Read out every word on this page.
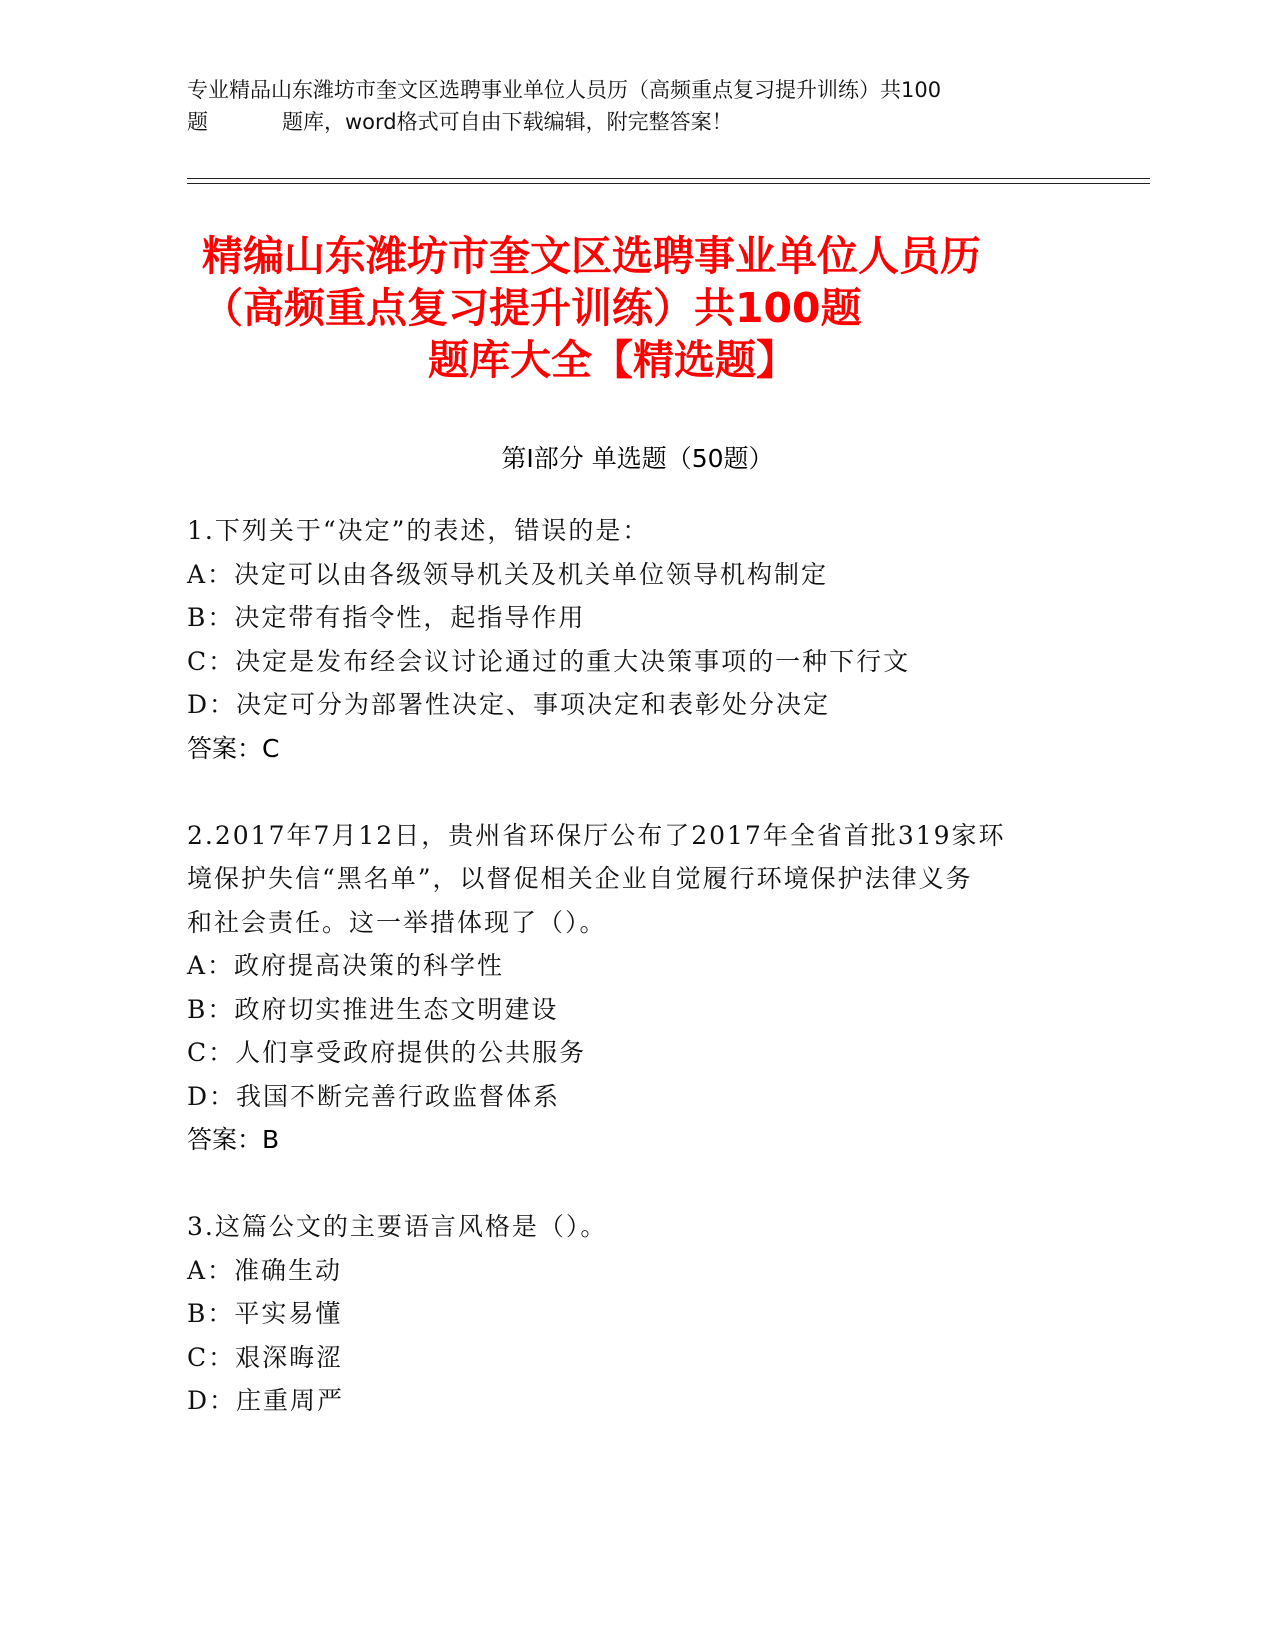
专业精品山东潍坊市奎文区选聘事业单位人员历（高频重点复习提升训练）共100
题	题库，word格式可自由下载编辑，附完整答案！
精编山东潍坊市奎文区选聘事业单位人员历
（高频重点复习提升训练）共100题
题库大全【精选题】
第Ⅰ部分 单选题（50题）
1.下列关于“决定”的表述，错误的是：
A：决定可以由各级领导机关及机关单位领导机构制定
B：决定带有指令性，起指导作用
C：决定是发布经会议讨论通过的重大决策事项的一种下行文
D：决定可分为部署性决定、事项决定和表彰处分决定
答案：C
2.2017年7月12日，贵州省环保厅公布了2017年全省首批319家环
境保护失信“黑名单”，以督促相关企业自觉履行环境保护法律义务
和社会责任。这一举措体现了（）。
A：政府提高决策的科学性
B：政府切实推进生态文明建设
C：人们享受政府提供的公共服务
D：我国不断完善行政监督体系
答案：B
3.这篇公文的主要语言风格是（）。
A：准确生动
B：平实易懂
C：艰深晦涩
D：庄重周严
